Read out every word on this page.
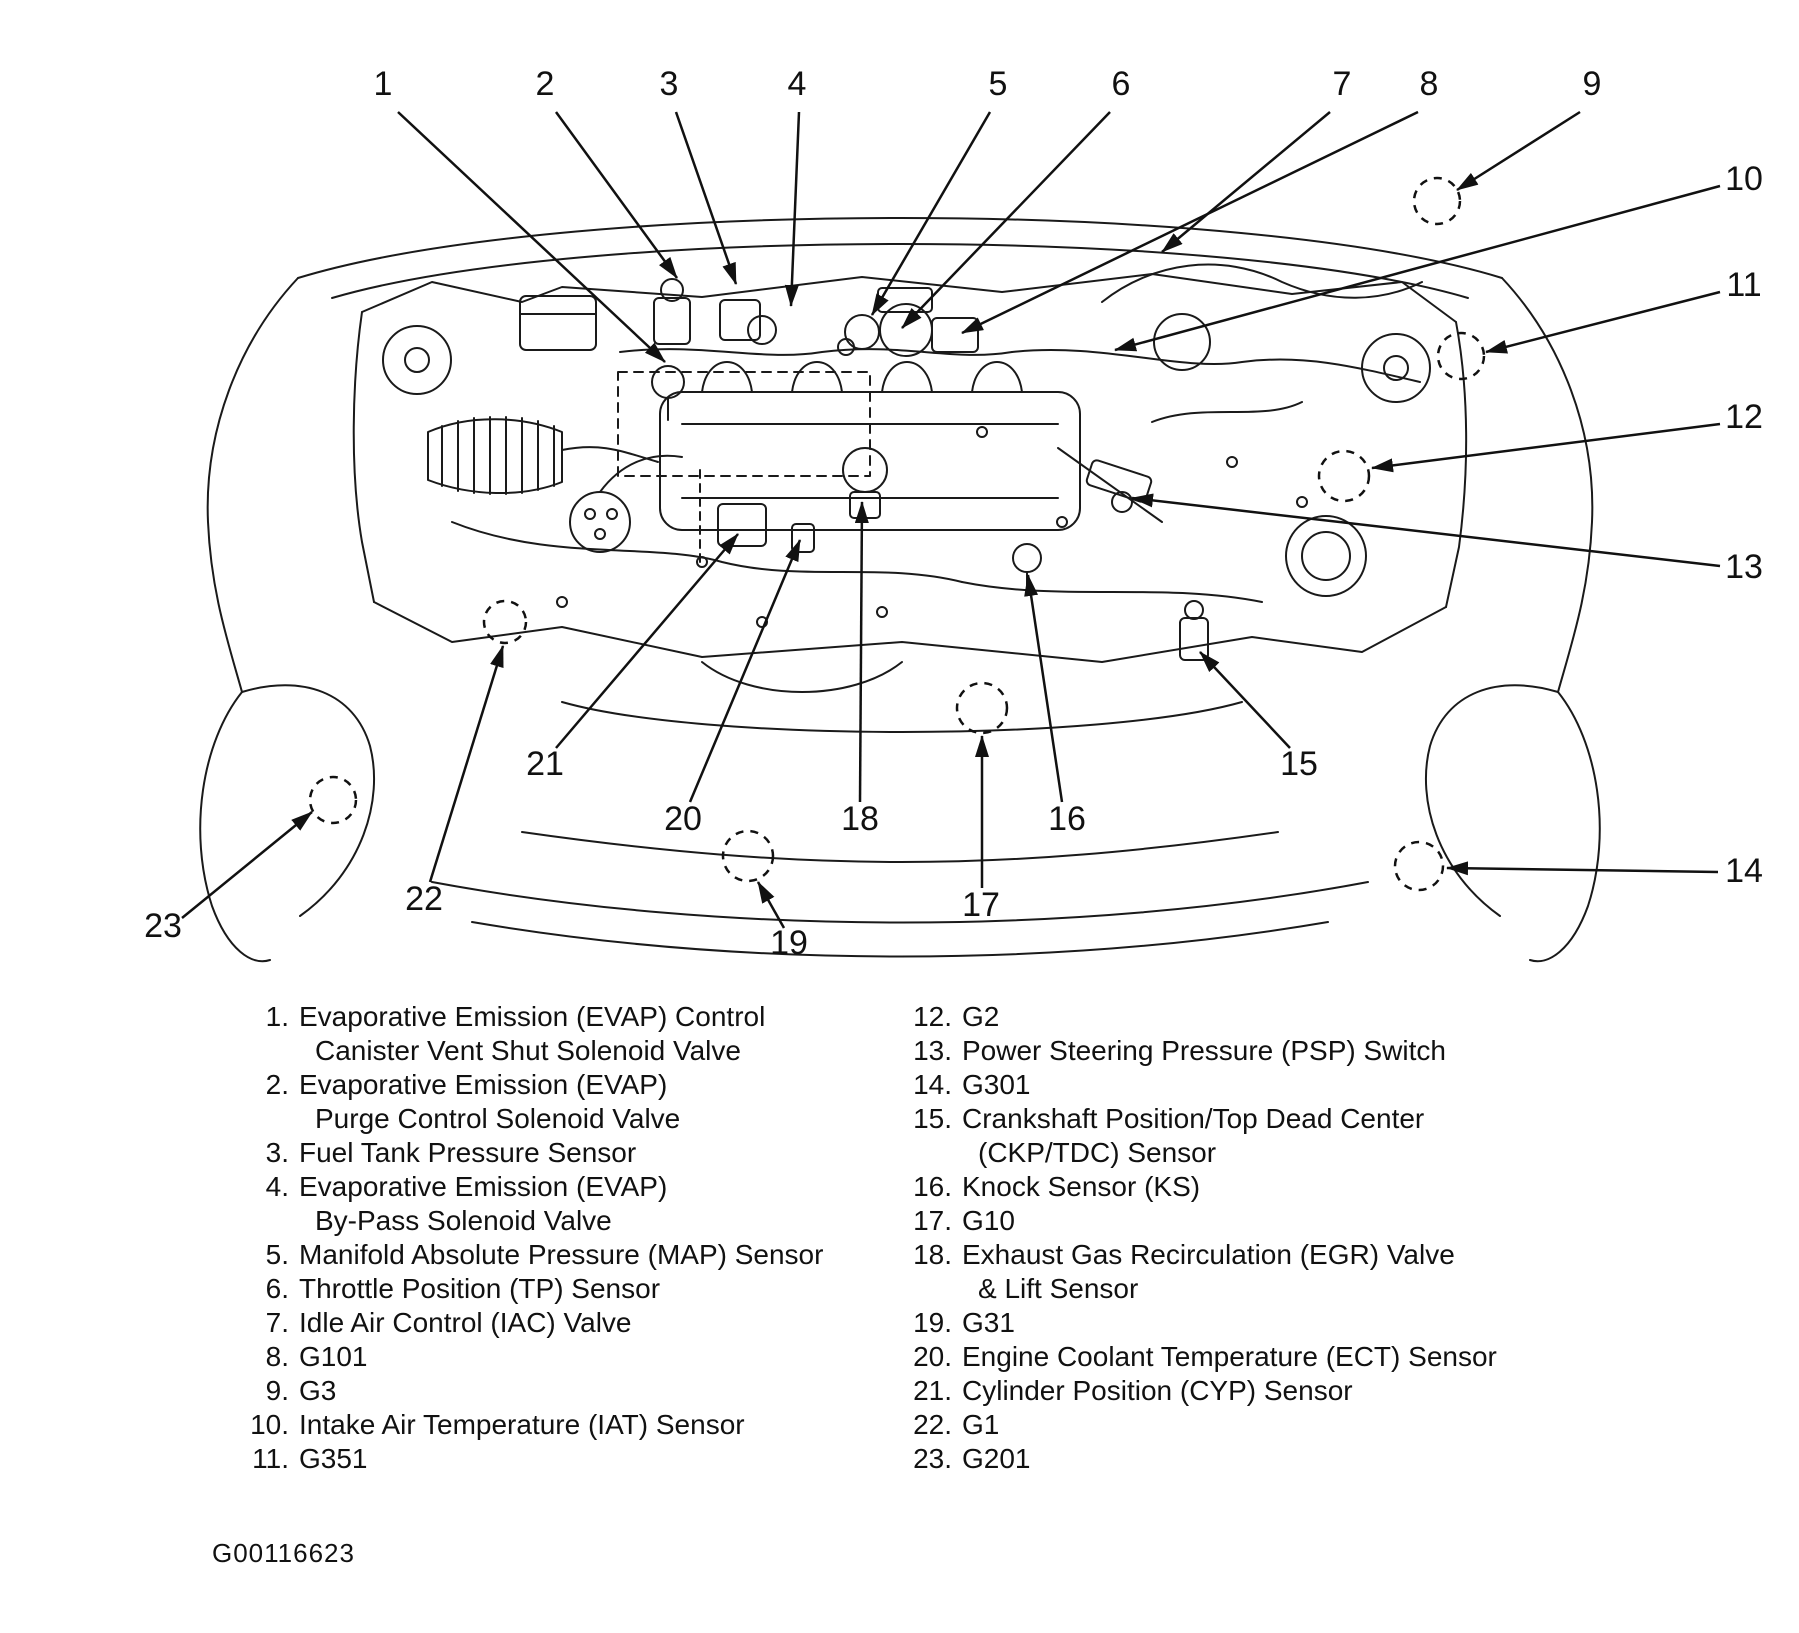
1	2	3	4	5	6	7 8	9
10
11
12
13
14
15
16
17
18
19
20
21
22
23
1. Evaporative Emission (EVAP) Control
Canister Vent Shut Solenoid Valve
2. Evaporative Emission (EVAP)
Purge Control Solenoid Valve
3. Fuel Tank Pressure Sensor
4. Evaporative Emission (EVAP)
By-Pass Solenoid Valve
5. Manifold Absolute Pressure (MAP) Sensor
6. Throttle Position (TP) Sensor
7. Idle Air Control (IAC) Valve
8. G101
9. G3
10. Intake Air Temperature (IAT) Sensor
11. G351
12. G2
13. Power Steering Pressure (PSP) Switch
14. G301
15. Crankshaft Position/Top Dead Center
(CKP/TDC) Sensor
16. Knock Sensor (KS)
17. G10
18. Exhaust Gas Recirculation (EGR) Valve
& Lift Sensor
19. G31
20. Engine Coolant Temperature (ECT) Sensor
21. Cylinder Position (CYP) Sensor
22. G1
23. G201
G00116623
